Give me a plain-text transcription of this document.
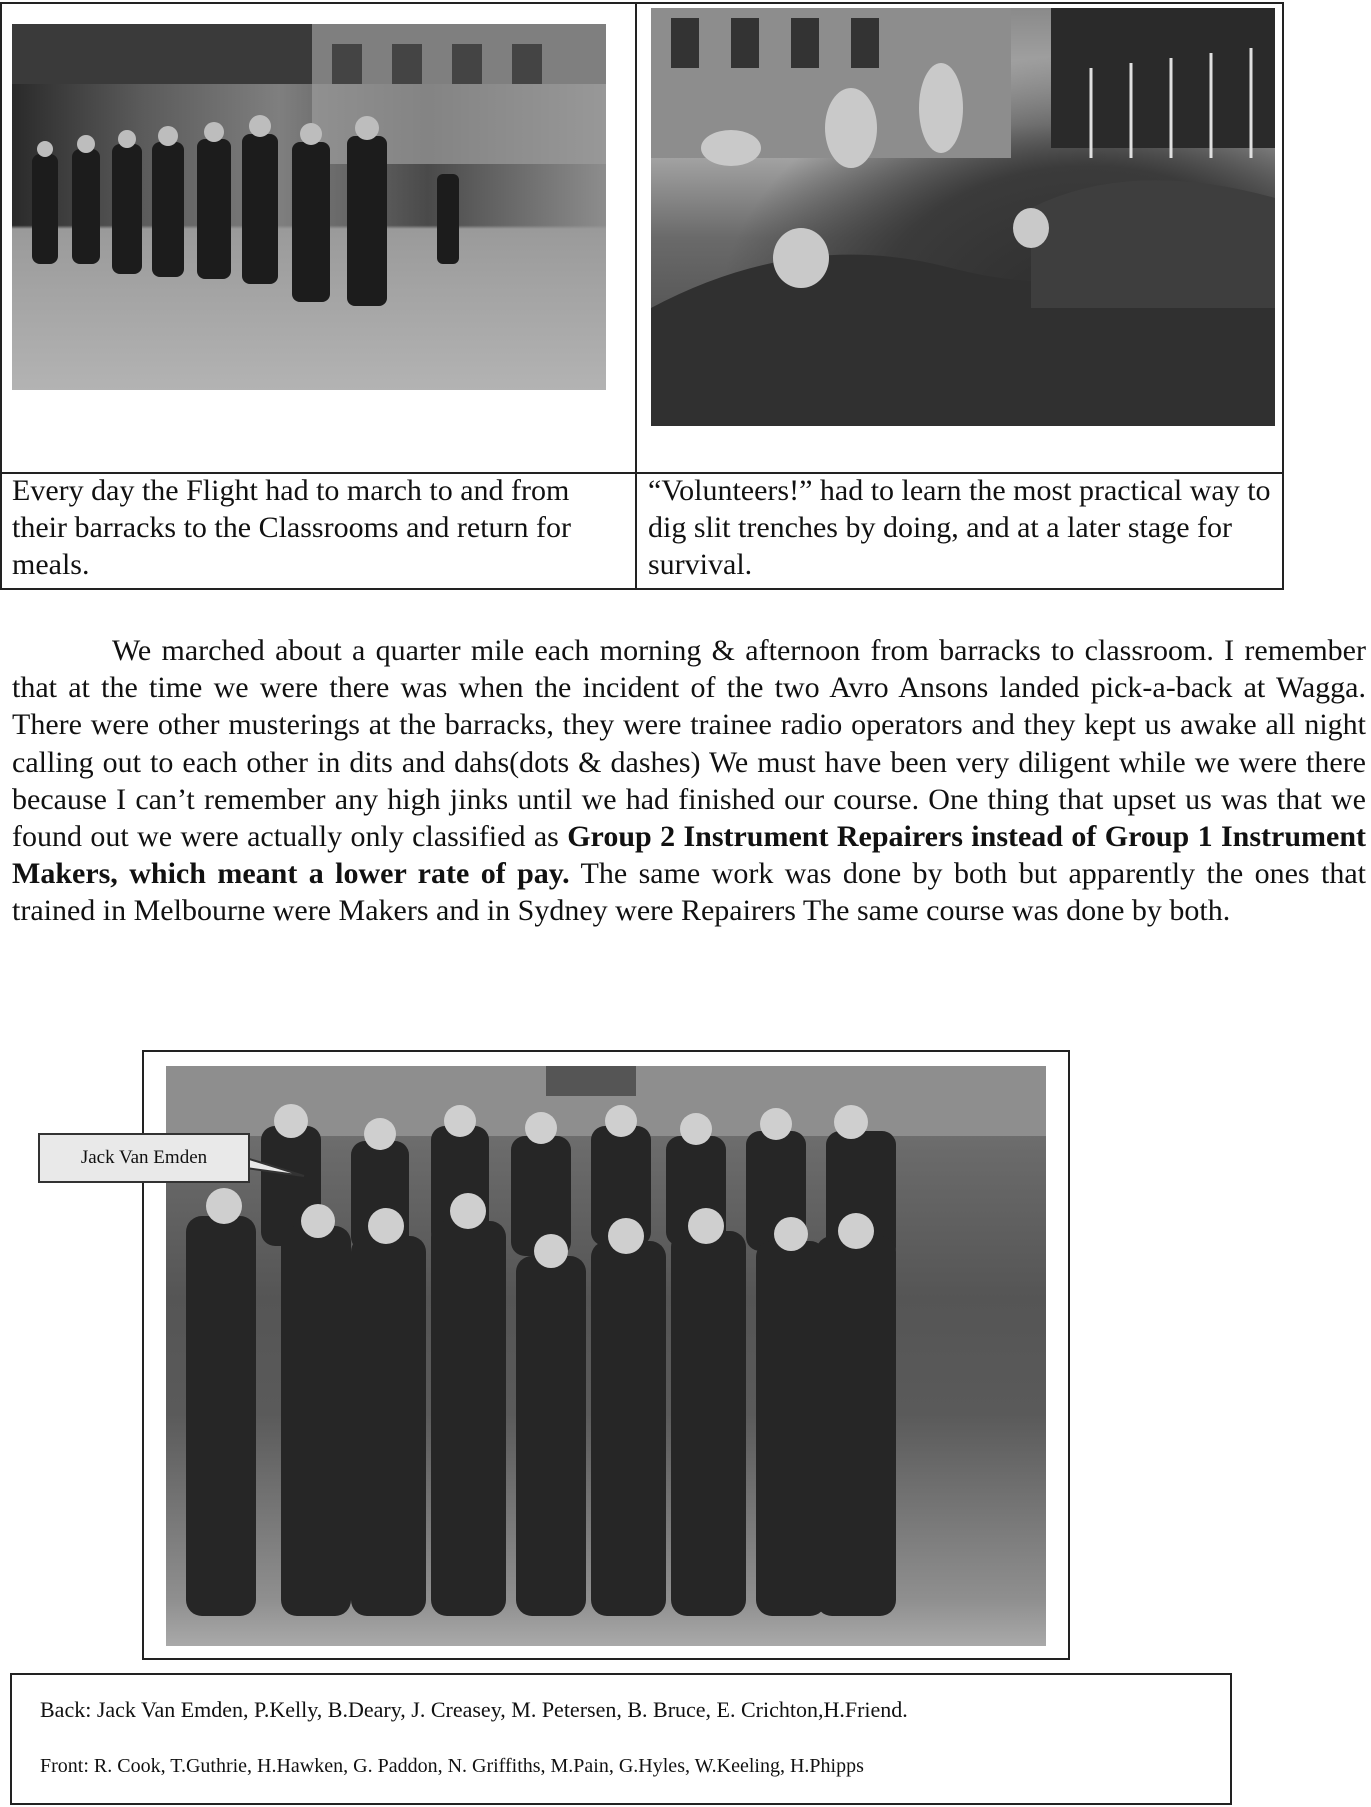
Every day the Flight had to march to and from their barracks to the Classrooms and return for meals.
“Volunteers!” had to learn the most practical way to dig slit trenches by doing, and at a later stage for survival.
We marched about a quarter mile each morning & afternoon from barracks to classroom. I remember that at the time we were there was when the incident of the two Avro Ansons landed pick-a-back at Wagga. There were other musterings at the barracks, they were trainee radio operators and they kept us awake all night calling out to each other in dits and dahs(dots & dashes) We must have been very diligent while we were there because I can’t remember any high jinks until we had finished our course. One thing that upset us was that we found out we were actually only classified as Group 2 Instrument Repairers instead of Group 1 Instrument Makers, which meant a lower rate of pay. The same work was done by both but apparently the ones that trained in Melbourne were Makers and in Sydney were Repairers The same course was done by both.
Jack Van Emden
Back: Jack Van Emden, P.Kelly, B.Deary, J. Creasey, M. Petersen, B. Bruce, E. Crichton,H.Friend.
Front: R. Cook, T.Guthrie, H.Hawken, G. Paddon, N. Griffiths, M.Pain, G.Hyles, W.Keeling, H.Phipps
